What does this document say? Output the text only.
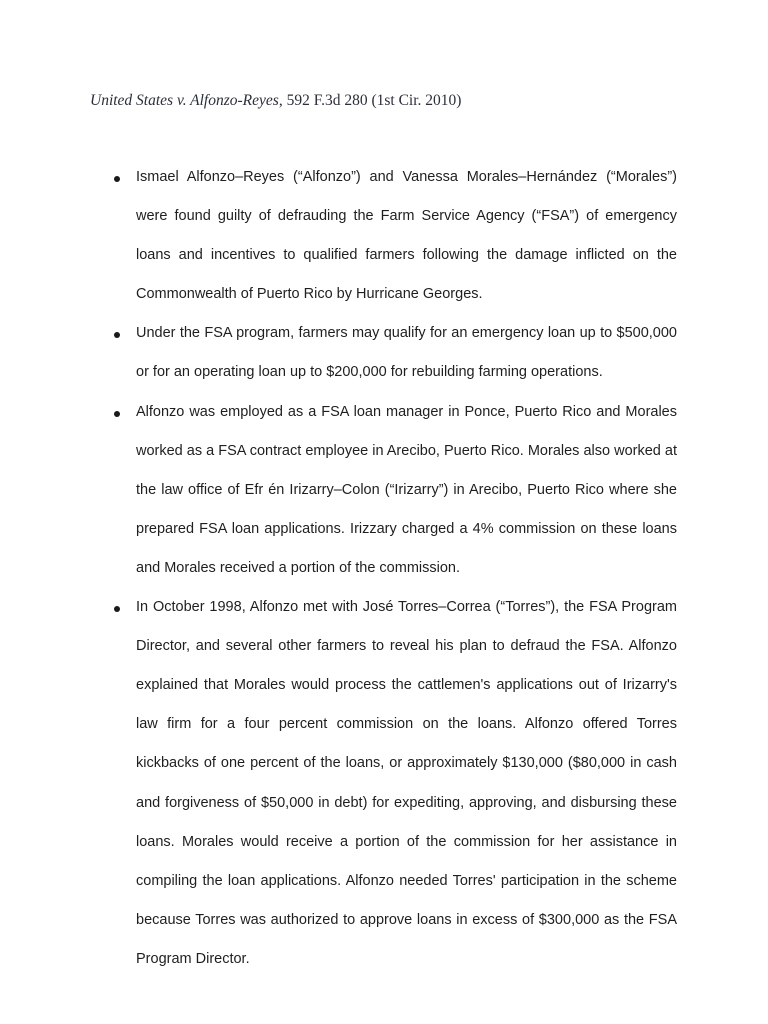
United States v. Alfonzo-Reyes, 592 F.3d 280 (1st Cir. 2010)
Ismael Alfonzo–Reyes (“Alfonzo”) and Vanessa Morales–Hernández (“Morales”) were found guilty of defrauding the Farm Service Agency (“FSA”) of emergency loans and incentives to qualified farmers following the damage inflicted on the Commonwealth of Puerto Rico by Hurricane Georges.
Under the FSA program, farmers may qualify for an emergency loan up to $500,000 or for an operating loan up to $200,000 for rebuilding farming operations.
Alfonzo was employed as a FSA loan manager in Ponce, Puerto Rico and Morales worked as a FSA contract employee in Arecibo, Puerto Rico. Morales also worked at the law office of Efr én Irizarry–Colon (“Irizarry”) in Arecibo, Puerto Rico where she prepared FSA loan applications. Irizzary charged a 4% commission on these loans and Morales received a portion of the commission.
In October 1998, Alfonzo met with José Torres–Correa (“Torres”), the FSA Program Director, and several other farmers to reveal his plan to defraud the FSA. Alfonzo explained that Morales would process the cattlemen's applications out of Irizarry's law firm for a four percent commission on the loans. Alfonzo offered Torres kickbacks of one percent of the loans, or approximately $130,000 ($80,000 in cash and forgiveness of $50,000 in debt) for expediting, approving, and disbursing these loans. Morales would receive a portion of the commission for her assistance in compiling the loan applications. Alfonzo needed Torres' participation in the scheme because Torres was authorized to approve loans in excess of $300,000 as the FSA Program Director.
